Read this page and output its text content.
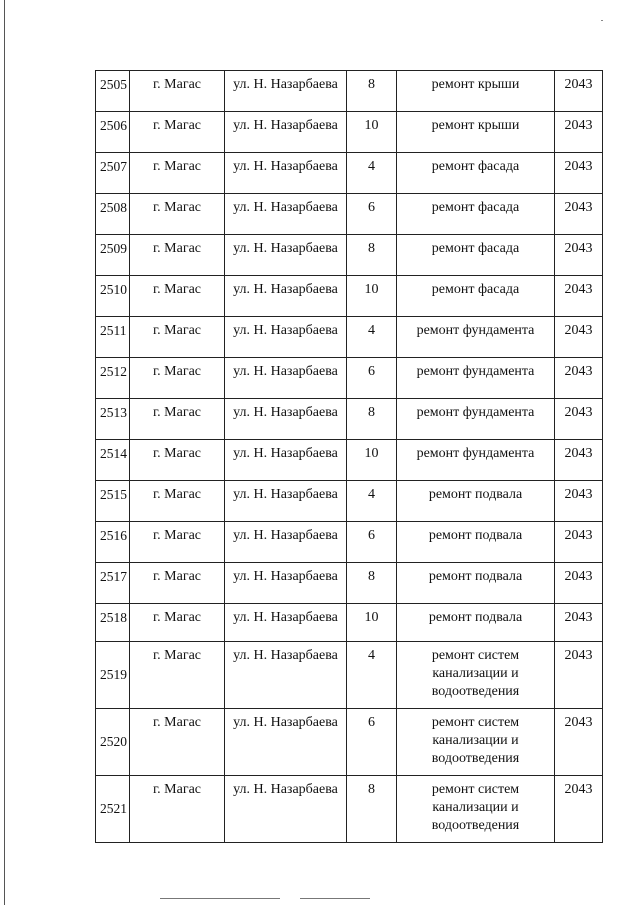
2505	г. Магас	ул. Н. Назарбаева	8	ремонт крыши	2043
2506	г. Магас	ул. Н. Назарбаева	10	ремонт крыши	2043
2507	г. Магас	ул. Н. Назарбаева	4	ремонт фасада	2043
2508	г. Магас	ул. Н. Назарбаева	6	ремонт фасада	2043
2509	г. Магас	ул. Н. Назарбаева	8	ремонт фасада	2043
2510	г. Магас	ул. Н. Назарбаева	10	ремонт фасада	2043
2511	г. Магас	ул. Н. Назарбаева	4	ремонт фундамента	2043
2512	г. Магас	ул. Н. Назарбаева	6	ремонт фундамента	2043
2513	г. Магас	ул. Н. Назарбаева	8	ремонт фундамента	2043
2514	г. Магас	ул. Н. Назарбаева	10	ремонт фундамента	2043
2515	г. Магас	ул. Н. Назарбаева	4	ремонт подвала	2043
2516	г. Магас	ул. Н. Назарбаева	6	ремонт подвала	2043
2517	г. Магас	ул. Н. Назарбаева	8	ремонт подвала	2043
2518	г. Магас	ул. Н. Назарбаева	10	ремонт подвала	2043
2519	г. Магас	ул. Н. Назарбаева	4	ремонт систем канализации и водоотведения	2043
2520	г. Магас	ул. Н. Назарбаева	6	ремонт систем канализации и водоотведения	2043
2521	г. Магас	ул. Н. Назарбаева	8	ремонт систем канализации и водоотведения	2043
